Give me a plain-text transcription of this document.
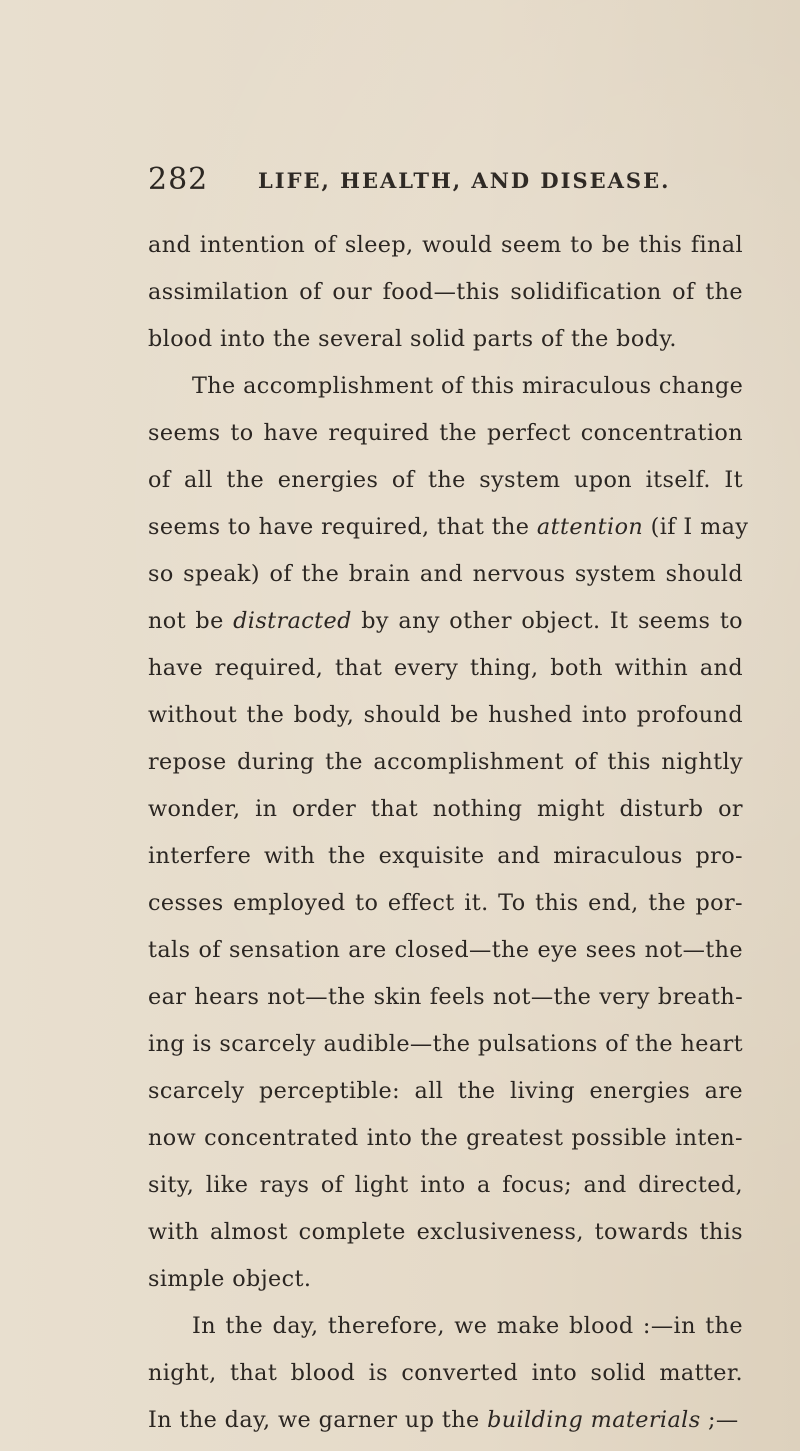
282 LIFE, HEALTH, AND DISEASE.
and intention of sleep, would seem to be this final
assimilation of our food—this solidification of the
blood into the several solid parts of the body.
The accomplishment of this miraculous change
seems to have required the perfect concentration
of all the energies of the system upon itself. It
seems to have required, that the attention (if I may
so speak) of the brain and nervous system should
not be distracted by any other object. It seems to
have required, that every thing, both within and
without the body, should be hushed into profound
repose during the accomplishment of this nightly
wonder, in order that nothing might disturb or
interfere with the exquisite and miraculous pro-
cesses employed to effect it. To this end, the por-
tals of sensation are closed—the eye sees not—the
ear hears not—the skin feels not—the very breath-
ing is scarcely audible—the pulsations of the heart
scarcely perceptible: all the living energies are
now concentrated into the greatest possible inten-
sity, like rays of light into a focus; and directed,
with almost complete exclusiveness, towards this
simple object.
In the day, therefore, we make blood :—in the
night, that blood is converted into solid matter.
In the day, we garner up the building materials ;—
